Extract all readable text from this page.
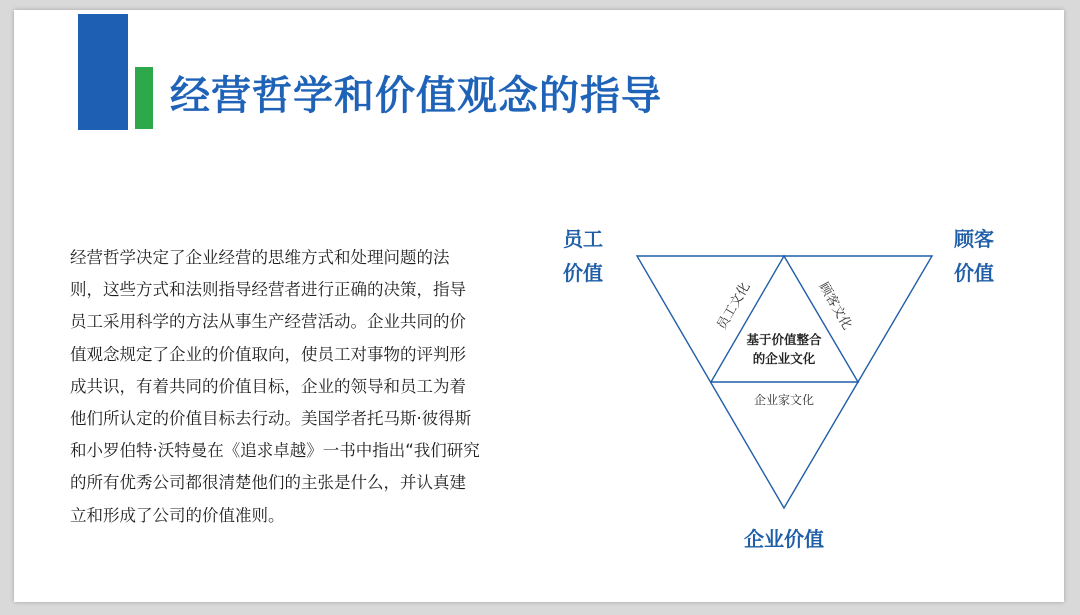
经营哲学和价值观念的指导
经营哲学决定了企业经营的思维方式和处理问题的法则，这些方式和法则指导经营者进行正确的决策，指导员工采用科学的方法从事生产经营活动。企业共同的价值观念规定了企业的价值取向，使员工对事物的评判形成共识，有着共同的价值目标，企业的领导和员工为着他们所认定的价值目标去行动。美国学者托马斯·彼得斯和小罗伯特·沃特曼在《追求卓越》一书中指出“我们研究的所有优秀公司都很清楚他们的主张是什么，并认真建立和形成了公司的价值准则。
员工文化	顾客文化
基于价值整合
的企业文化
企业家文化
员工
价值
顾客
价值
企业价值
